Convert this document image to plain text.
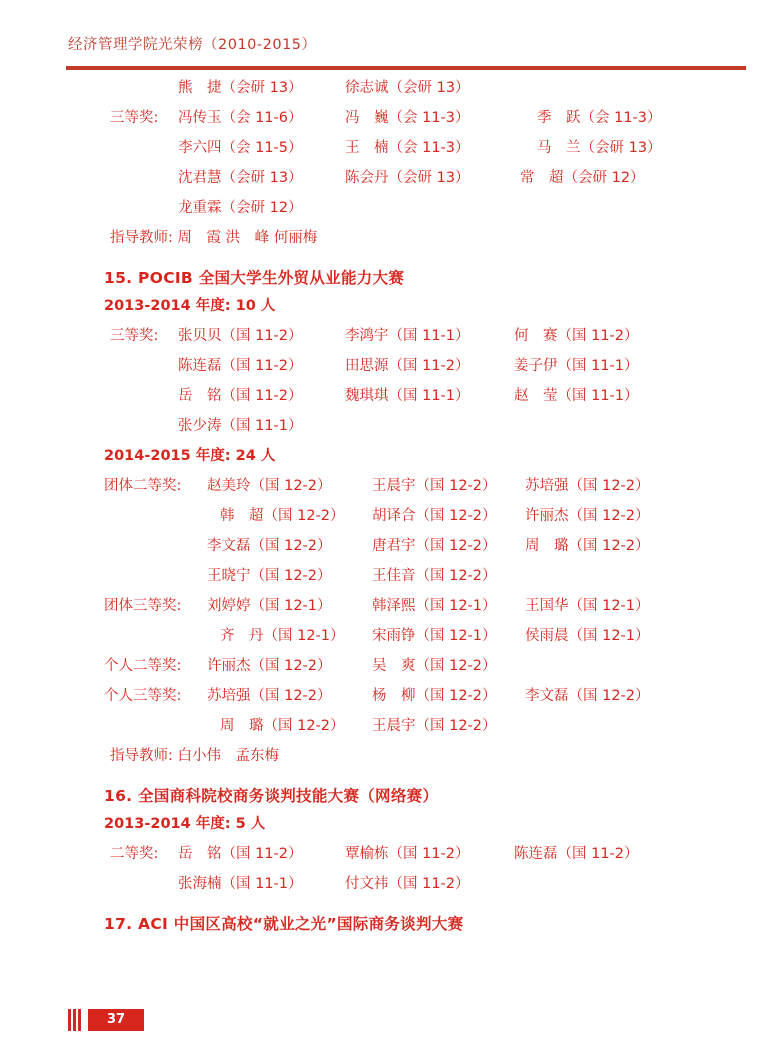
经济管理学院光荣榜（2010-2015）
熊　捷（会研 13）	徐志诚（会研 13）
三等奖: 冯传玉（会 11-6）	冯　巍（会 11-3）	季　跃（会 11-3）
李六四（会 11-5）	王　楠（会 11-3）	马　兰（会研 13）
沈君慧（会研 13）	陈会丹（会研 13）	常　超（会研 12）
龙重霖（会研 12）
指导教师: 周　霞 洪　峰 何丽梅
15. POCIB 全国大学生外贸从业能力大赛
2013-2014 年度: 10 人
三等奖: 张贝贝（国 11-2）	李鸿宇（国 11-1）	何　赛（国 11-2）
陈连磊（国 11-2）	田思源（国 11-2）	姜子伊（国 11-1）
岳　铭（国 11-2）	魏琪琪（国 11-1）	赵　莹（国 11-1）
张少涛（国 11-1）
2014-2015 年度: 24 人
团体二等奖: 赵美玲（国 12-2）	王晨宇（国 12-2） 苏培强（国 12-2）
韩　超（国 12-2） 胡译合（国 12-2） 许丽杰（国 12-2）
李文磊（国 12-2）	唐君宇（国 12-2） 周　璐（国 12-2）
王晓宁（国 12-2）	王佳音（国 12-2）
团体三等奖: 刘婷婷（国 12-1）	韩泽熙（国 12-1） 王国华（国 12-1）
齐　丹（国 12-1） 宋雨铮（国 12-1） 侯雨晨（国 12-1）
个人二等奖: 许丽杰（国 12-2）	吴　爽（国 12-2）
个人三等奖: 苏培强（国 12-2）	杨　柳（国 12-2） 李文磊（国 12-2）
周　璐（国 12-2） 王晨宇（国 12-2）
指导教师: 白小伟　孟东梅
16. 全国商科院校商务谈判技能大赛（网络赛）
2013-2014 年度: 5 人
二等奖: 岳　铭（国 11-2）	覃榆栋（国 11-2）	陈连磊（国 11-2）
张海楠（国 11-1）	付文祎（国 11-2）
17. ACI 中国区高校“就业之光”国际商务谈判大赛
37
